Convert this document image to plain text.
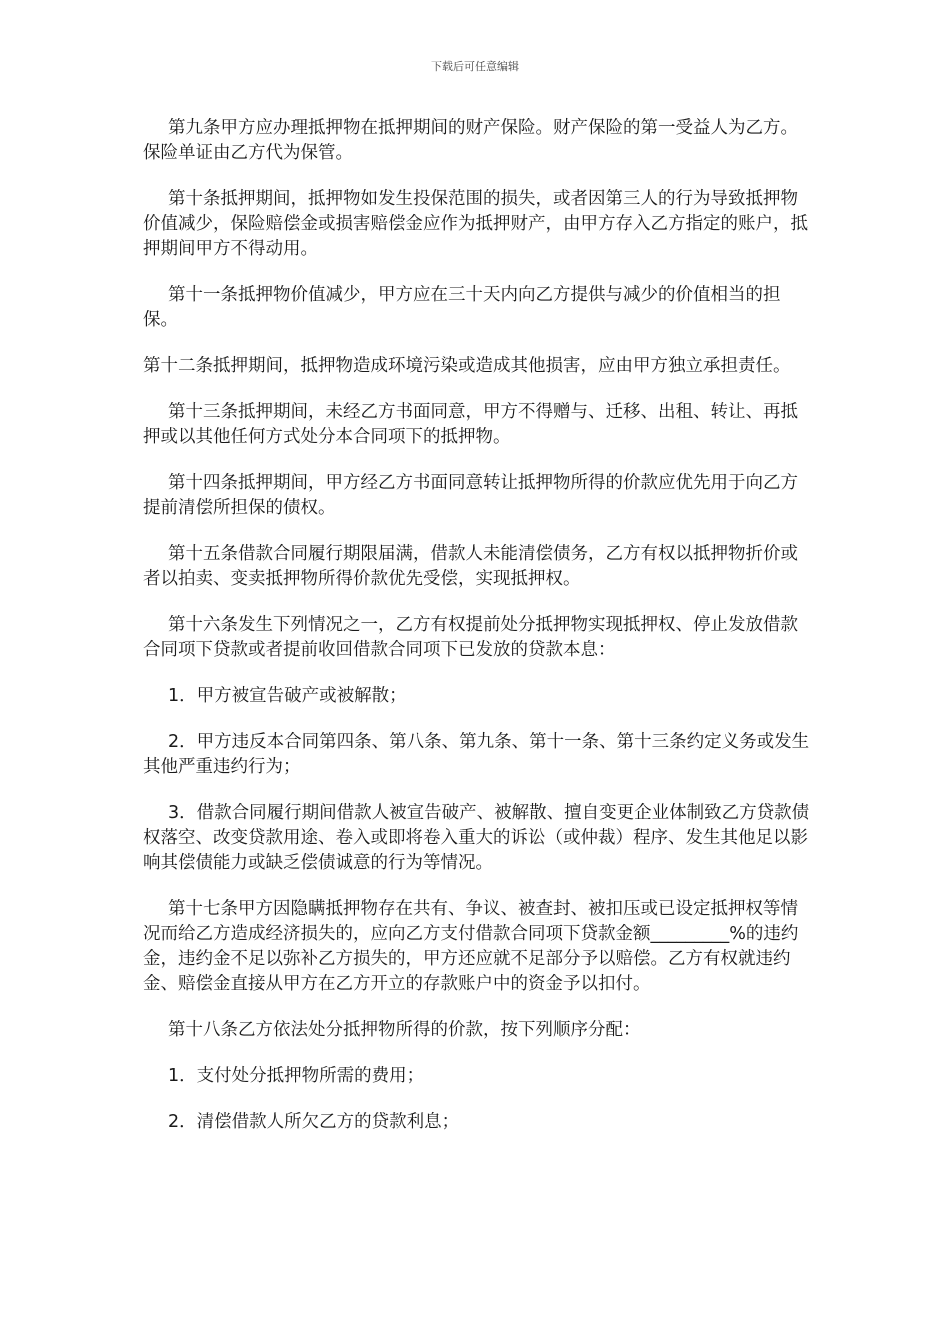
下载后可任意编辑

第九条甲方应办理抵押物在抵押期间的财产保险。财产保险的第一受益人为乙方。保险单证由乙方代为保管。

第十条抵押期间，抵押物如发生投保范围的损失，或者因第三人的行为导致抵押物价值减少，保险赔偿金或损害赔偿金应作为抵押财产，由甲方存入乙方指定的账户，抵押期间甲方不得动用。

第十一条抵押物价值减少，甲方应在三十天内向乙方提供与减少的价值相当的担保。

第十二条抵押期间，抵押物造成环境污染或造成其他损害，应由甲方独立承担责任。

第十三条抵押期间，未经乙方书面同意，甲方不得赠与、迁移、出租、转让、再抵押或以其他任何方式处分本合同项下的抵押物。

第十四条抵押期间，甲方经乙方书面同意转让抵押物所得的价款应优先用于向乙方提前清偿所担保的债权。

第十五条借款合同履行期限届满，借款人未能清偿债务，乙方有权以抵押物折价或者以拍卖、变卖抵押物所得价款优先受偿，实现抵押权。

第十六条发生下列情况之一，乙方有权提前处分抵押物实现抵押权、停止发放借款合同项下贷款或者提前收回借款合同项下已发放的贷款本息：

1．甲方被宣告破产或被解散；

2．甲方违反本合同第四条、第八条、第九条、第十一条、第十三条约定义务或发生其他严重违约行为；

3．借款合同履行期间借款人被宣告破产、被解散、擅自变更企业体制致乙方贷款债权落空、改变贷款用途、卷入或即将卷入重大的诉讼（或仲裁）程序、发生其他足以影响其偿债能力或缺乏偿债诚意的行为等情况。

第十七条甲方因隐瞒抵押物存在共有、争议、被查封、被扣压或已设定抵押权等情况而给乙方造成经济损失的，应向乙方支付借款合同项下贷款金额_________%的违约金，违约金不足以弥补乙方损失的，甲方还应就不足部分予以赔偿。乙方有权就违约金、赔偿金直接从甲方在乙方开立的存款账户中的资金予以扣付。

第十八条乙方依法处分抵押物所得的价款，按下列顺序分配：

1．支付处分抵押物所需的费用；

2．清偿借款人所欠乙方的贷款利息；
